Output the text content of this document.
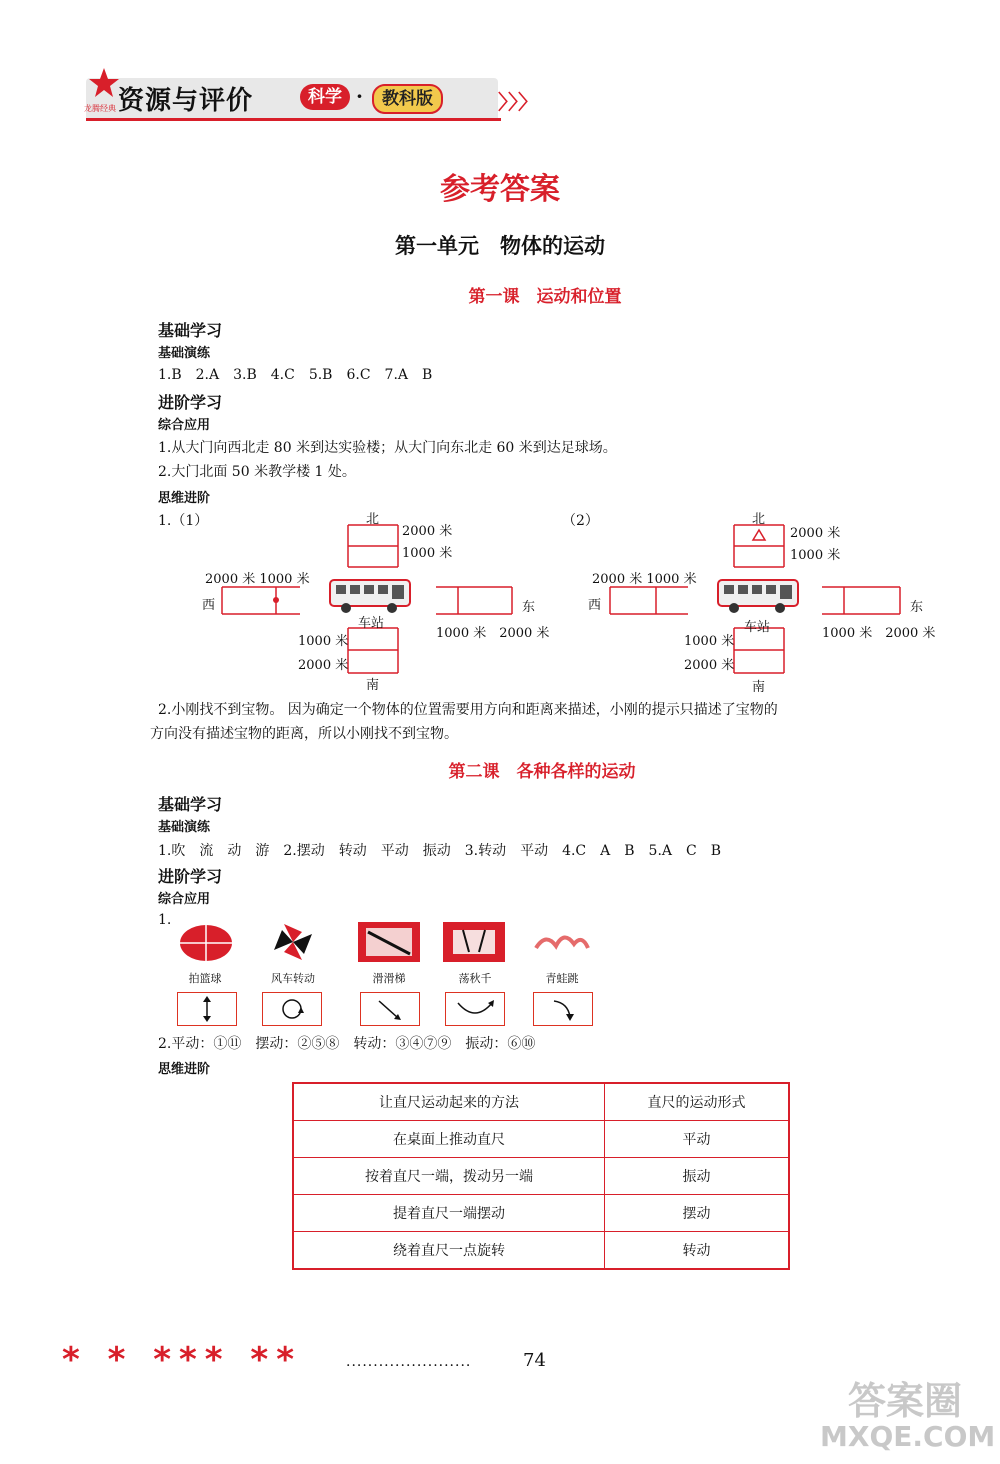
龙腾经典 资源与评价	科学 ·	教科版	〉〉〉
参考答案
第一单元　物体的运动
第一课　运动和位置
基础学习
基础演练
1.B　2.A　3.B　4.C　5.B　6.C　7.A　B
进阶学习
综合应用
1.从大门向西北走 80 米到达实验楼；从大门向东北走 60 米到达足球场。
2.大门北面 50 米教学楼 1 处。
思维进阶
1.（1）	（2）
北
2000 米
1000 米
2000 米 1000 米
西	东
车站
1000 米　2000 米
1000 米
2000 米
南
北
2000 米
1000 米
2000 米 1000 米
西	东
车站	1000 米　2000 米
1000 米
2000 米
南
2.小刚找不到宝物。 因为确定一个物体的位置需要用方向和距离来描述，小刚的提示只描述了宝物的
方向没有描述宝物的距离，所以小刚找不到宝物。
第二课　各种各样的运动
基础学习
基础演练
1.吹　流　动　游　2.摆动　转动　平动　振动　3.转动　平动　4.C　A　B　5.A　C　B
进阶学习
综合应用
1.
拍篮球	风车转动	滑滑梯	荡秋千	青蛙跳
2.平动：①⑪　摆动：②⑤⑧　转动：③④⑦⑨　振动：⑥⑩
思维进阶
让直尺运动起来的方法	直尺的运动形式
在桌面上推动直尺	平动
按着直尺一端，拨动另一端	振动
提着直尺一端摆动	摆动
绕着直尺一点旋转	转动
* * *** **	·······················	74
答案圈
MXQE.COM
